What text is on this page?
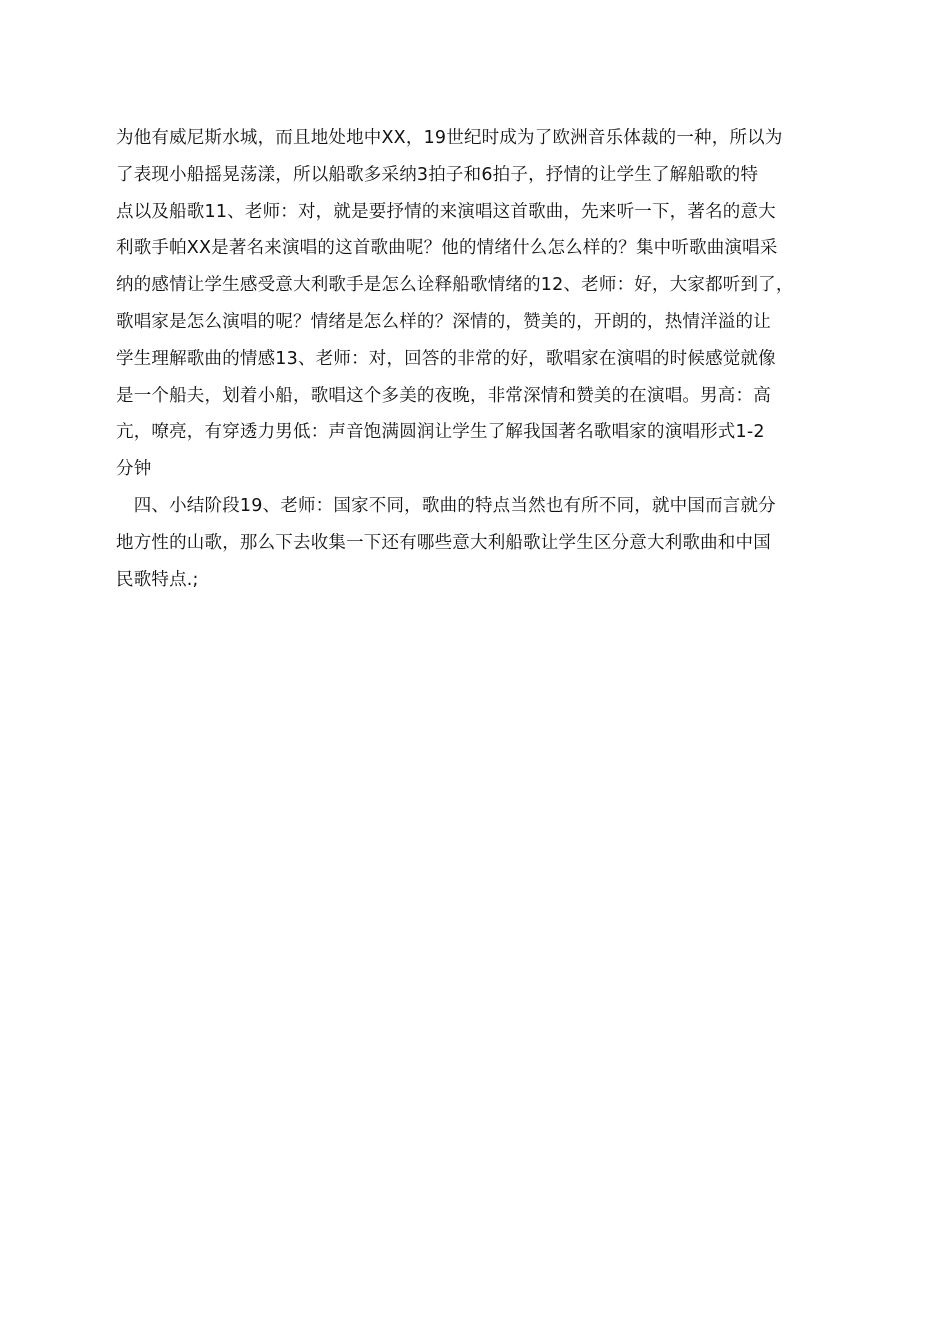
为他有威尼斯水城，而且地处地中XX，19世纪时成为了欧洲音乐体裁的一种，所以为
了表现小船摇晃荡漾，所以船歌多采纳3拍子和6拍子，抒情的让学生了解船歌的特
点以及船歌11、老师：对，就是要抒情的来演唱这首歌曲，先来听一下，著名的意大
利歌手帕XX是著名来演唱的这首歌曲呢？他的情绪什么怎么样的？集中听歌曲演唱采
纳的感情让学生感受意大利歌手是怎么诠释船歌情绪的12、老师：好，大家都听到了，
歌唱家是怎么演唱的呢？情绪是怎么样的？深情的，赞美的，开朗的，热情洋溢的让
学生理解歌曲的情感13、老师：对，回答的非常的好，歌唱家在演唱的时候感觉就像
是一个船夫，划着小船，歌唱这个多美的夜晚，非常深情和赞美的在演唱。男高：高
亢，嘹亮，有穿透力男低：声音饱满圆润让学生了解我国著名歌唱家的演唱形式1-2
分钟
　四、小结阶段19、老师：国家不同，歌曲的特点当然也有所不同，就中国而言就分
地方性的山歌，那么下去收集一下还有哪些意大利船歌让学生区分意大利歌曲和中国
民歌特点.;
